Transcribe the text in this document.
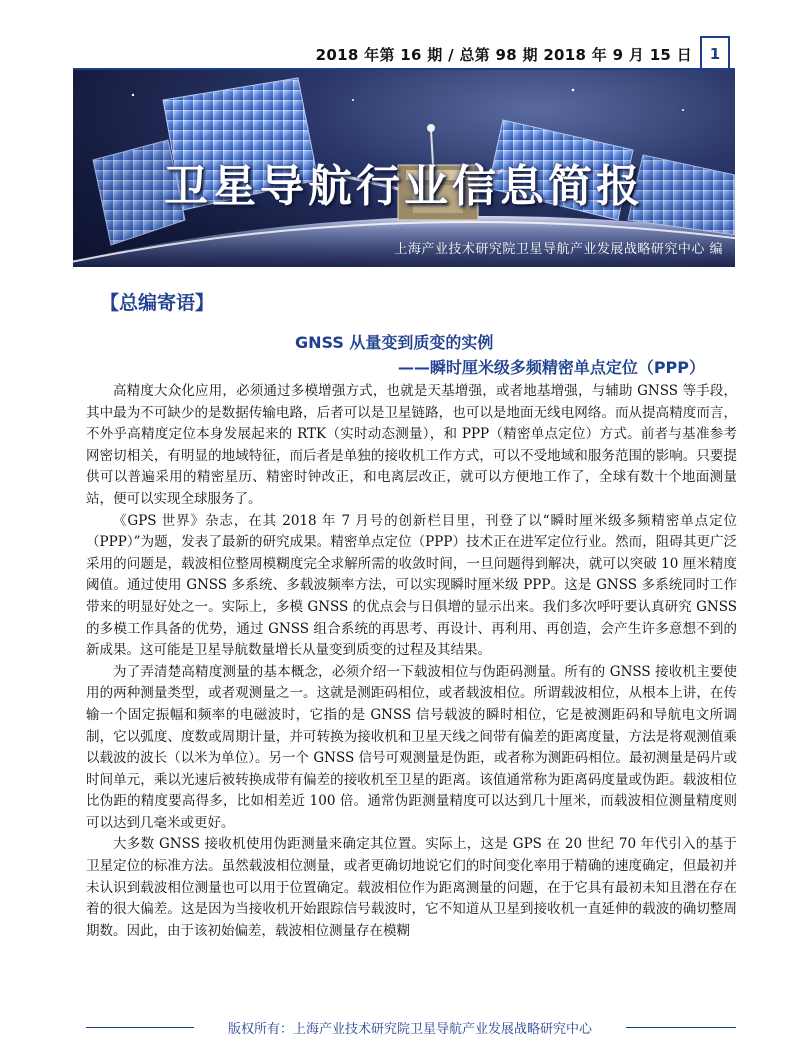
2018 年第 16 期 / 总第 98 期 2018 年 9 月 15 日	1
卫星导航行业信息简报
上海产业技术研究院卫星导航产业发展战略研究中心 编
【总编寄语】
GNSS 从量变到质变的实例
——瞬时厘米级多频精密单点定位（PPP）

高精度大众化应用，必须通过多模增强方式，也就是天基增强，或者地基增强，与辅助 GNSS 等手段，其中最为不可缺少的是数据传输电路，后者可以是卫星链路，也可以是地面无线电网络。而从提高精度而言，不外乎高精度定位本身发展起来的 RTK（实时动态测量），和 PPP（精密单点定位）方式。前者与基准参考网密切相关，有明显的地域特征，而后者是单独的接收机工作方式，可以不受地域和服务范围的影响。只要提供可以普遍采用的精密星历、精密时钟改正，和电离层改正，就可以方便地工作了，全球有数十个地面测量站，便可以实现全球服务了。

《GPS 世界》杂志，在其 2018 年 7 月号的创新栏目里，刊登了以“瞬时厘米级多频精密单点定位（PPP）”为题，发表了最新的研究成果。精密单点定位（PPP）技术正在进军定位行业。然而，阻碍其更广泛采用的问题是，载波相位整周模糊度完全求解所需的收敛时间，一旦问题得到解决，就可以突破 10 厘米精度阈值。通过使用 GNSS 多系统、多载波频率方法，可以实现瞬时厘米级 PPP。这是 GNSS 多系统同时工作带来的明显好处之一。实际上，多模 GNSS 的优点会与日俱增的显示出来。我们多次呼吁要认真研究 GNSS 的多模工作具备的优势，通过 GNSS 组合系统的再思考、再设计、再利用、再创造，会产生许多意想不到的新成果。这可能是卫星导航数量增长从量变到质变的过程及其结果。

为了弄清楚高精度测量的基本概念，必须介绍一下载波相位与伪距码测量。所有的 GNSS 接收机主要使用的两种测量类型，或者观测量之一。这就是测距码相位，或者载波相位。所谓载波相位，从根本上讲，在传输一个固定振幅和频率的电磁波时，它指的是 GNSS 信号载波的瞬时相位，它是被测距码和导航电文所调制，它以弧度、度数或周期计量，并可转换为接收机和卫星天线之间带有偏差的距离度量，方法是将观测值乘以载波的波长（以米为单位）。另一个 GNSS 信号可观测量是伪距，或者称为测距码相位。最初测量是码片或时间单元，乘以光速后被转换成带有偏差的接收机至卫星的距离。该值通常称为距离码度量或伪距。载波相位比伪距的精度要高得多，比如相差近 100 倍。通常伪距测量精度可以达到几十厘米，而载波相位测量精度则可以达到几毫米或更好。

大多数 GNSS 接收机使用伪距测量来确定其位置。实际上，这是 GPS 在 20 世纪 70 年代引入的基于卫星定位的标准方法。虽然载波相位测量，或者更确切地说它们的时间变化率用于精确的速度确定，但最初并未认识到载波相位测量也可以用于位置确定。载波相位作为距离测量的问题，在于它具有最初未知且潜在存在着的很大偏差。这是因为当接收机开始跟踪信号载波时，它不知道从卫星到接收机一直延伸的载波的确切整周期数。因此，由于该初始偏差，载波相位测量存在模糊

版权所有：上海产业技术研究院卫星导航产业发展战略研究中心
